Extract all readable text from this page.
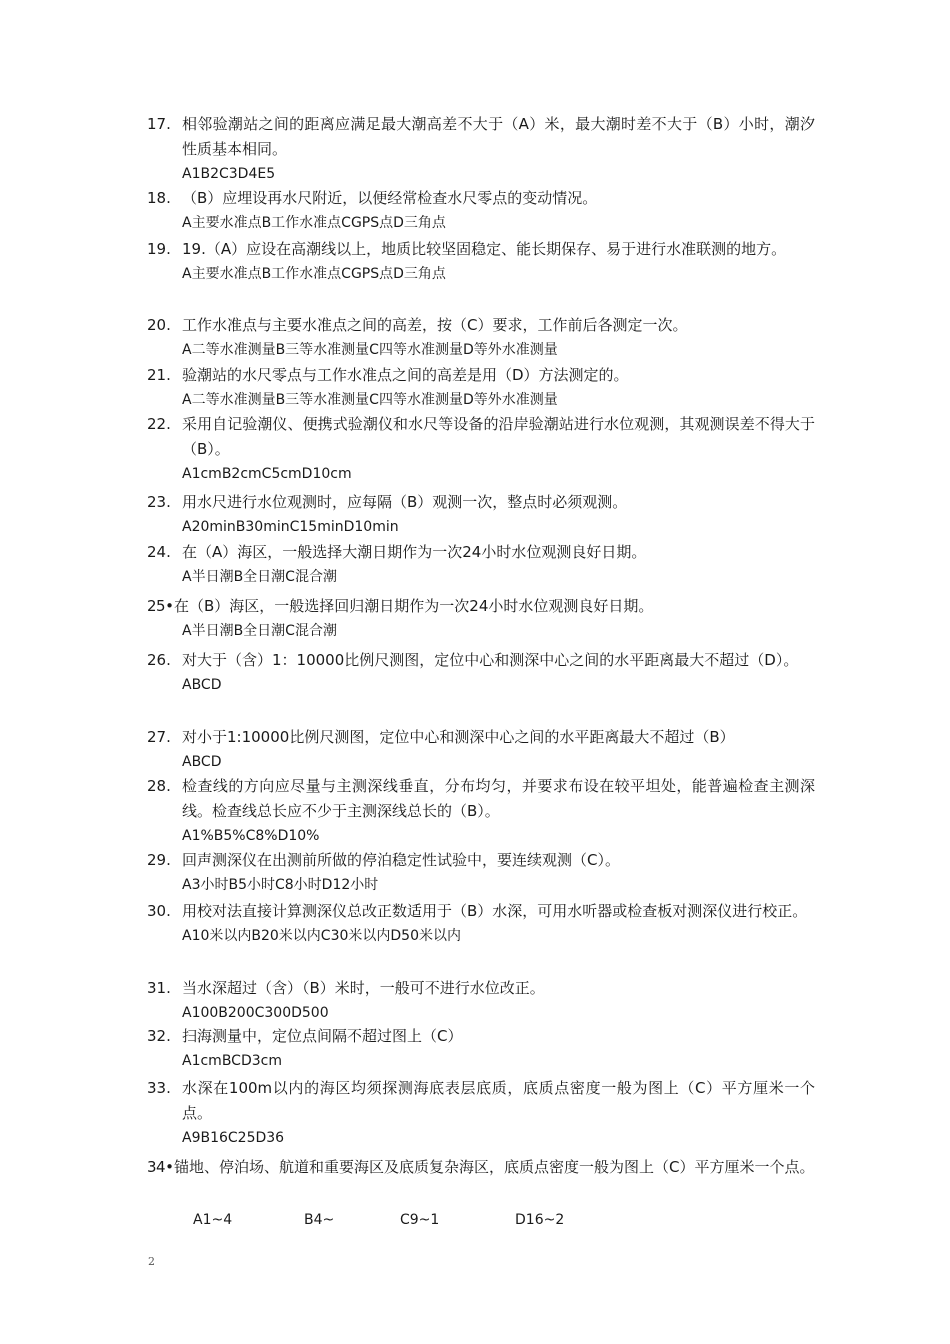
17. 相邻验潮站之间的距离应满足最大潮高差不大于（A）米，最大潮时差不大于（B）小时，潮汐性质基本相同。
A1B2C3D4E5
18. （B）应埋设再水尺附近，以便经常检查水尺零点的变动情况。
A主要水准点B工作水准点CGPS点D三角点
19. 19.（A）应设在高潮线以上，地质比较坚固稳定、能长期保存、易于进行水准联测的地方。
A主要水准点B工作水准点CGPS点D三角点
20. 工作水准点与主要水准点之间的高差，按（C）要求，工作前后各测定一次。
A二等水准测量B三等水准测量C四等水准测量D等外水准测量
21. 验潮站的水尺零点与工作水准点之间的高差是用（D）方法测定的。
A二等水准测量B三等水准测量C四等水准测量D等外水准测量
22. 采用自记验潮仪、便携式验潮仪和水尺等设备的沿岸验潮站进行水位观测，其观测误差不得大于（B）。
A1cmB2cmC5cmD10cm
23. 用水尺进行水位观测时，应每隔（B）观测一次，整点时必须观测。
A20minB30minC15minD10min
24. 在（A）海区，一般选择大潮日期作为一次24小时水位观测良好日期。
A半日潮B全日潮C混合潮
25• 在（B）海区，一般选择回归潮日期作为一次24小时水位观测良好日期。
A半日潮B全日潮C混合潮
26. 对大于（含）1：10000比例尺测图，定位中心和测深中心之间的水平距离最大不超过（D）。
ABCD
27. 对小于1:10000比例尺测图，定位中心和测深中心之间的水平距离最大不超过（B）
ABCD
28. 检查线的方向应尽量与主测深线垂直，分布均匀，并要求布设在较平坦处，能普遍检查主测深线。检查线总长应不少于主测深线总长的（B）。
A1%B5%C8%D10%
29. 回声测深仪在出测前所做的停泊稳定性试验中，要连续观测（C）。
A3小时B5小时C8小时D12小时
30. 用校对法直接计算测深仪总改正数适用于（B）水深，可用水听器或检查板对测深仪进行校正。
A10米以内B20米以内C30米以内D50米以内
31. 当水深超过（含）（B）米时，一般可不进行水位改正。
A100B200C300D500
32. 扫海测量中，定位点间隔不超过图上（C）
A1cmBCD3cm
33. 水深在100m以内的海区均须探测海底表层底质，底质点密度一般为图上（C）平方厘米一个点。
A9B16C25D36
34• 锚地、停泊场、航道和重要海区及底质复杂海区，底质点密度一般为图上（C）平方厘米一个点。
A1~4	B4~	C9~1	D16~2
2
